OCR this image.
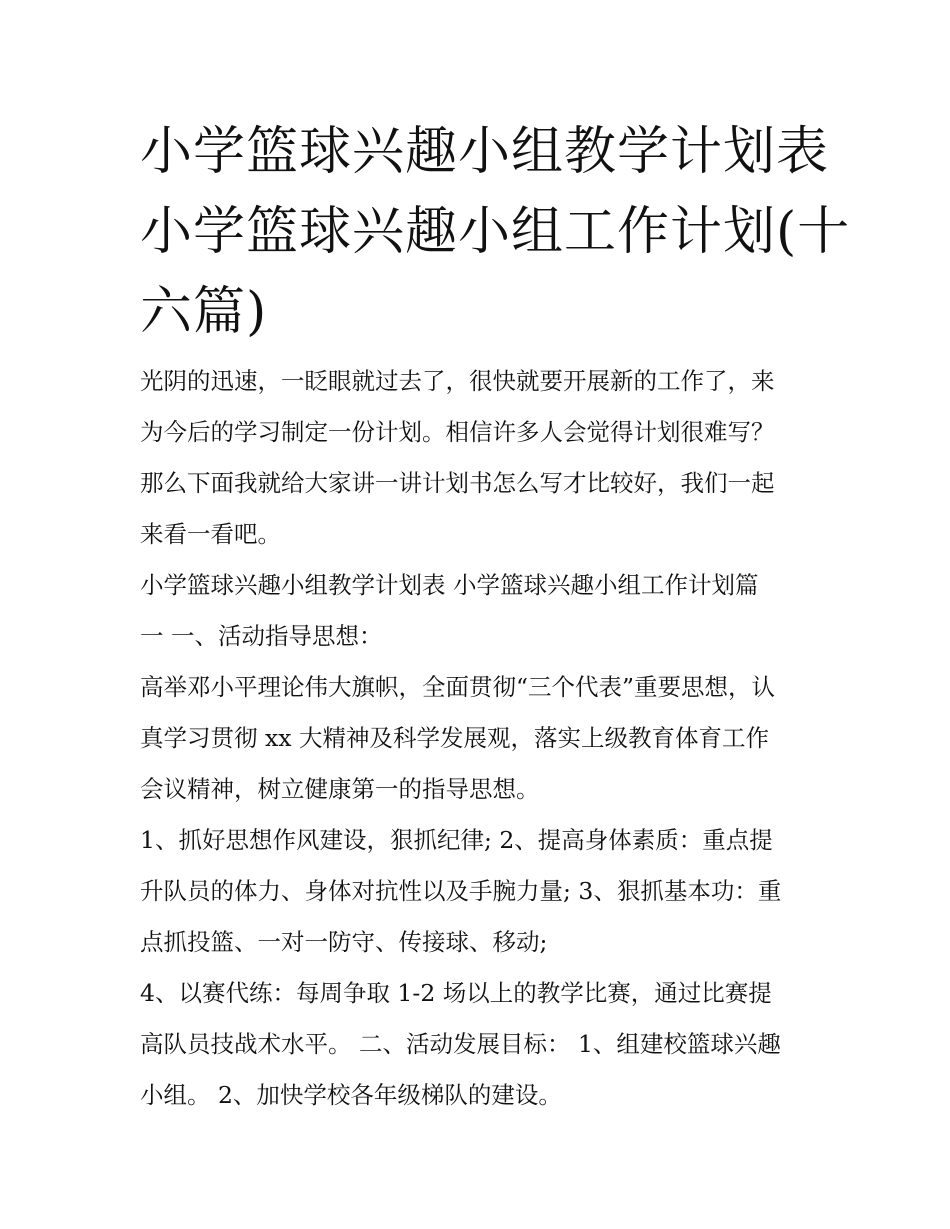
小学篮球兴趣小组教学计划表
小学篮球兴趣小组工作计划(十
六篇)
光阴的迅速，一眨眼就过去了，很快就要开展新的工作了，来
为今后的学习制定一份计划。相信许多人会觉得计划很难写？
那么下面我就给大家讲一讲计划书怎么写才比较好，我们一起
来看一看吧。
小学篮球兴趣小组教学计划表 小学篮球兴趣小组工作计划篇
一 一、活动指导思想：
高举邓小平理论伟大旗帜，全面贯彻“三个代表”重要思想，认
真学习贯彻 xx 大精神及科学发展观，落实上级教育体育工作
会议精神，树立健康第一的指导思想。
1、抓好思想作风建设，狠抓纪律; 2、提高身体素质：重点提
升队员的体力、身体对抗性以及手腕力量; 3、狠抓基本功：重
点抓投篮、一对一防守、传接球、移动;
4、以赛代练：每周争取 1-2 场以上的教学比赛，通过比赛提
高队员技战术水平。 二、活动发展目标： 1、组建校篮球兴趣
小组。 2、加快学校各年级梯队的建设。
